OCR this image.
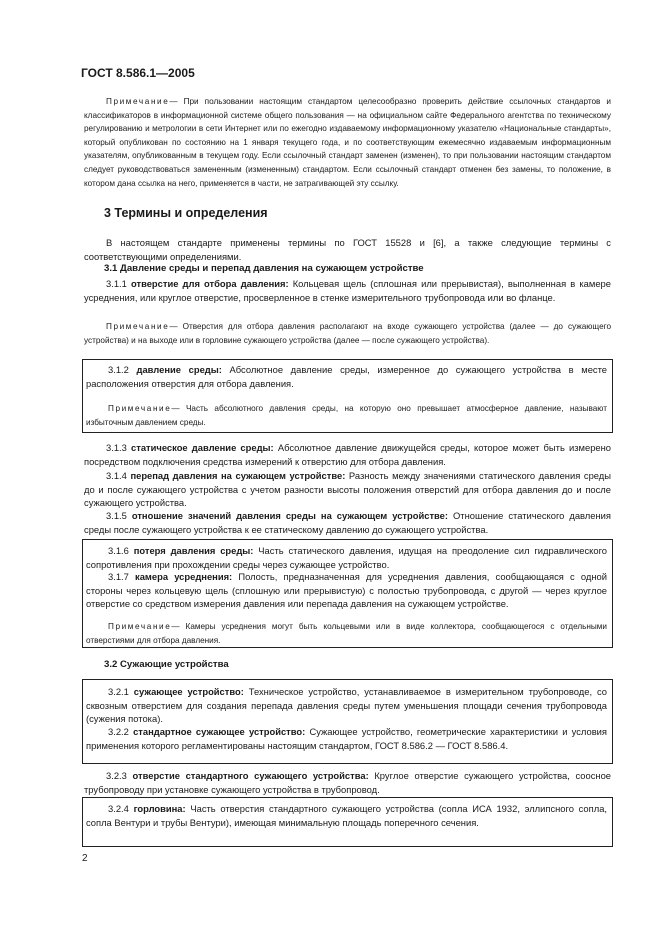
ГОСТ 8.586.1—2005
Примечание— При пользовании настоящим стандартом целесообразно проверить действие ссылочных стандартов и классификаторов в информационной системе общего пользования — на официальном сайте Федерального агентства по техническому регулированию и метрологии в сети Интернет или по ежегодно издаваемому информационному указателю «Национальные стандарты», который опубликован по состоянию на 1 января текущего года, и по соответствующим ежемесячно издаваемым информационным указателям, опубликованным в текущем году. Если ссылочный стандарт заменен (изменен), то при пользовании настоящим стандартом следует руководствоваться замененным (измененным) стандартом. Если ссылочный стандарт отменен без замены, то положение, в котором дана ссылка на него, применяется в части, не затрагивающей эту ссылку.
3 Термины и определения
В настоящем стандарте применены термины по ГОСТ 15528 и [6], а также следующие термины с соответствующими определениями.
3.1 Давление среды и перепад давления на сужающем устройстве
3.1.1 отверстие для отбора давления: Кольцевая щель (сплошная или прерывистая), выполненная в камере усреднения, или круглое отверстие, просверленное в стенке измерительного трубопровода или во фланце.
Примечание— Отверстия для отбора давления располагают на входе сужающего устройства (далее — до сужающего устройства) и на выходе или в горловине сужающего устройства (далее — после сужающего устройства).
3.1.2 давление среды: Абсолютное давление среды, измеренное до сужающего устройства в месте расположения отверстия для отбора давления.
Примечание— Часть абсолютного давления среды, на которую оно превышает атмосферное давление, называют избыточным давлением среды.
3.1.3 статическое давление среды: Абсолютное давление движущейся среды, которое может быть измерено посредством подключения средства измерений к отверстию для отбора давления.
3.1.4 перепад давления на сужающем устройстве: Разность между значениями статического давления среды до и после сужающего устройства с учетом разности высоты положения отверстий для отбора давления до и после сужающего устройства.
3.1.5 отношение значений давления среды на сужающем устройстве: Отношение статического давления среды после сужающего устройства к ее статическому давлению до сужающего устройства.
3.1.6 потеря давления среды: Часть статического давления, идущая на преодоление сил гидравлического сопротивления при прохождении среды через сужающее устройство.
3.1.7 камера усреднения: Полость, предназначенная для усреднения давления, сообщающаяся с одной стороны через кольцевую щель (сплошную или прерывистую) с полостью трубопровода, с другой — через круглое отверстие со средством измерения давления или перепада давления на сужающем устройстве.
Примечание— Камеры усреднения могут быть кольцевыми или в виде коллектора, сообщающегося с отдельными отверстиями для отбора давления.
3.2 Сужающие устройства
3.2.1 сужающее устройство: Техническое устройство, устанавливаемое в измерительном трубопроводе, со сквозным отверстием для создания перепада давления среды путем уменьшения площади сечения трубопровода (сужения потока).
3.2.2 стандартное сужающее устройство: Сужающее устройство, геометрические характеристики и условия применения которого регламентированы настоящим стандартом, ГОСТ 8.586.2 — ГОСТ 8.586.4.
3.2.3 отверстие стандартного сужающего устройства: Круглое отверстие сужающего устройства, соосное трубопроводу при установке сужающего устройства в трубопровод.
3.2.4 горловина: Часть отверстия стандартного сужающего устройства (сопла ИСА 1932, эллипсного сопла, сопла Вентури и трубы Вентури), имеющая минимальную площадь поперечного сечения.
2
